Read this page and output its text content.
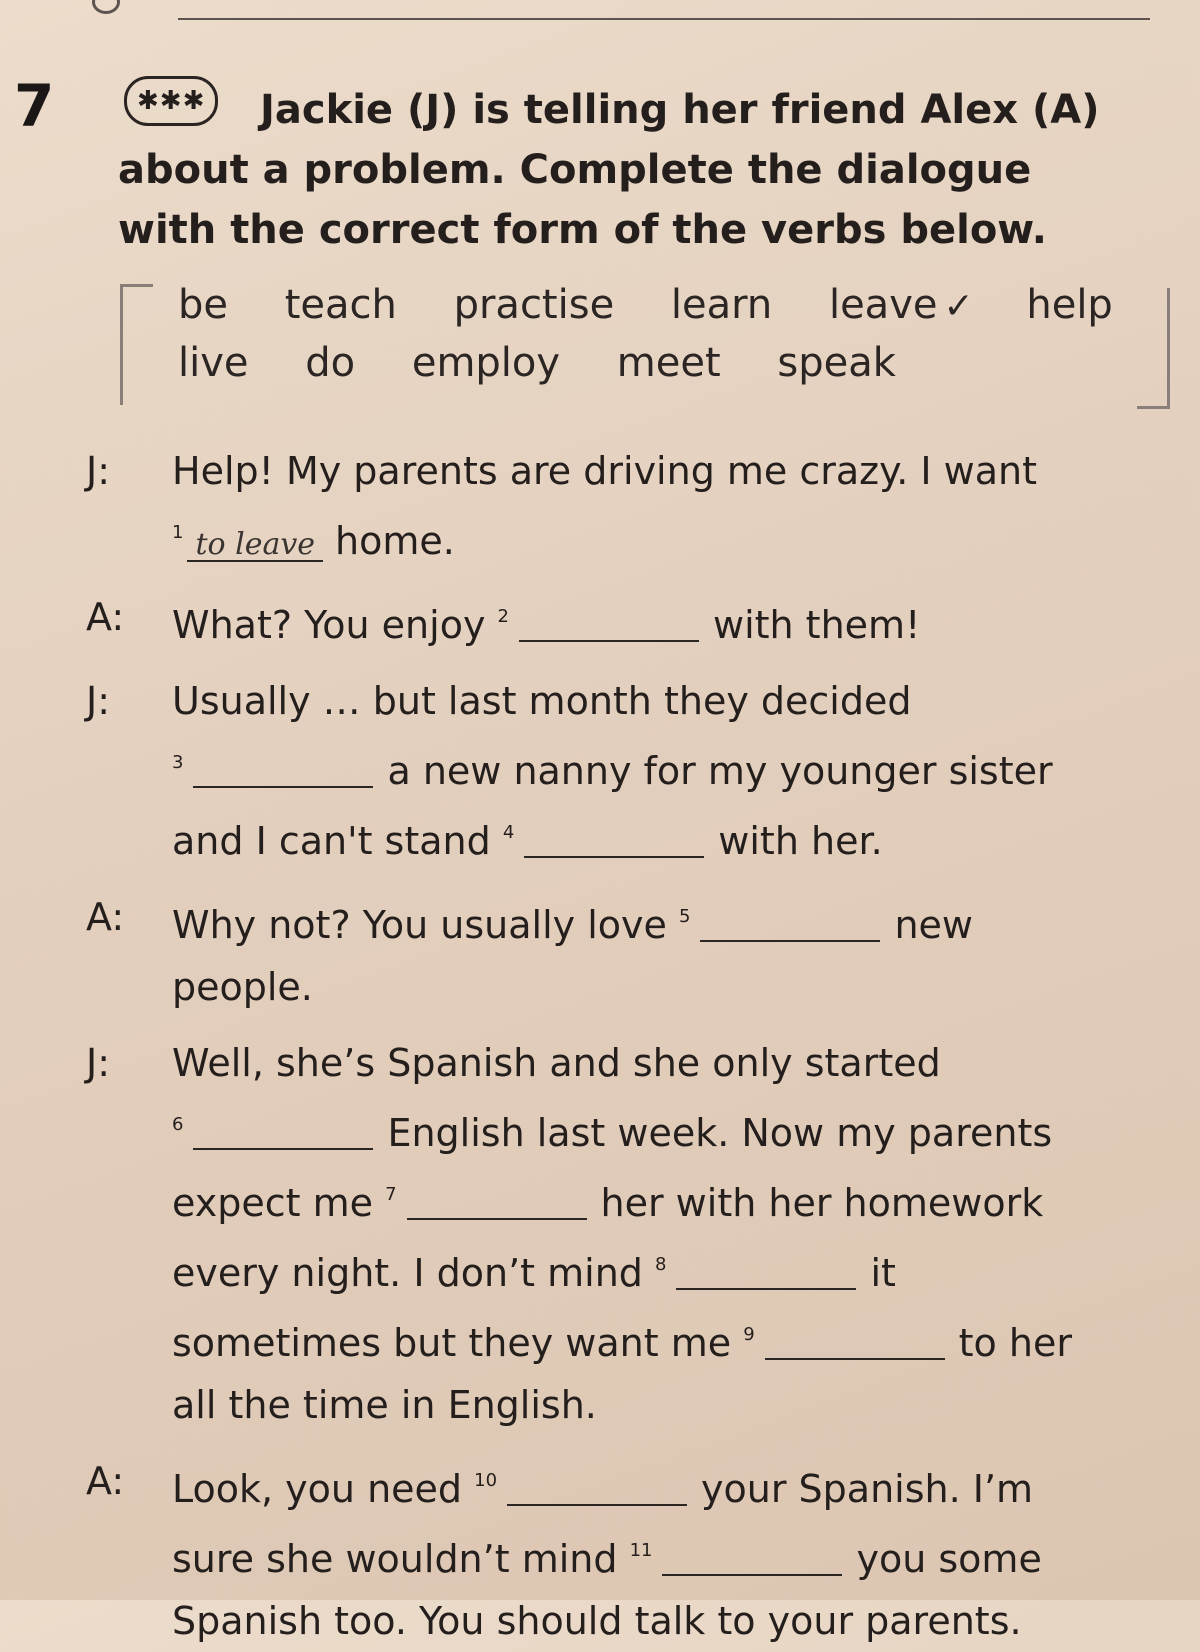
7	✱✱✱	Jackie (J) is telling her friend Alex (A) about a problem. Complete the dialogue with the correct form of the verbs below.

be teach practise learn leave ✓ help
live do employ meet speak
J:	Help! My parents are driving me crazy. I want
$^1$ to leave home.
A:	What? You enjoy $^2$	with them!
J:	Usually … but last month they decided
$^3$	a new nanny for my younger sister
and I can't stand $^4$	with her.
A:	Why not? You usually love $^5$	new
people.
J:	Well, she’s Spanish and she only started
$^6$	English last week. Now my parents
expect me $^7$	her with her homework
every night. I don’t mind $^8$	it
sometimes but they want me $^9$	to her
all the time in English.
A:	Look, you need $^{10}$	your Spanish. I’m
sure she wouldn’t mind $^{11}$	you some
Spanish too. You should talk to your parents.
